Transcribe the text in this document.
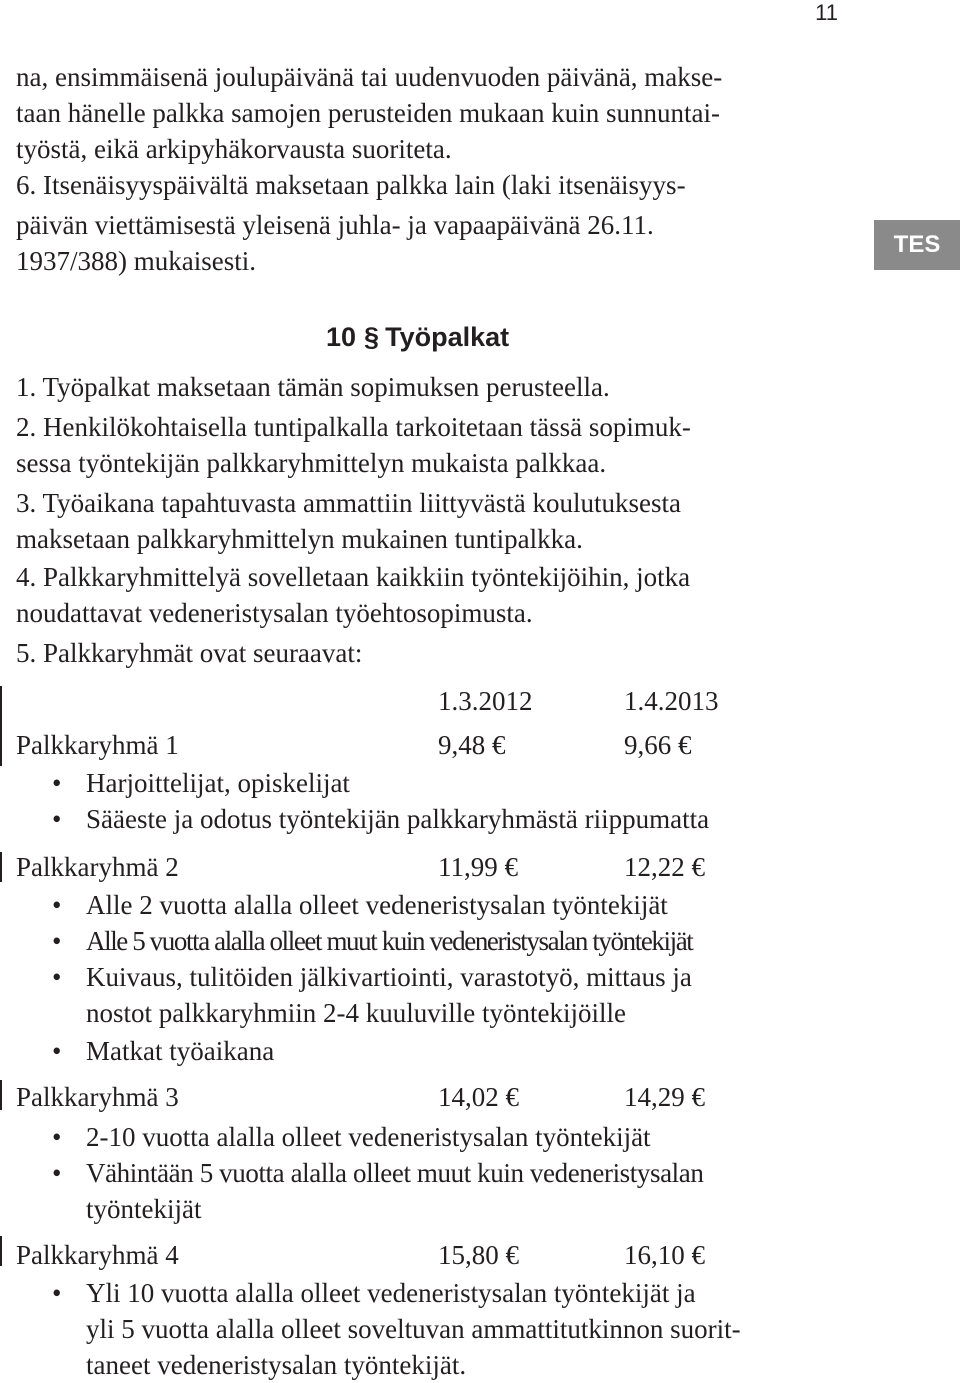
11
TES
na, ensimmäisenä joulupäivänä tai uudenvuoden päivänä, makse-
taan hänelle palkka samojen perusteiden mukaan kuin sunnuntai-
työstä, eikä arkipyhäkorvausta suoriteta.
6. Itsenäisyyspäivältä maksetaan palkka lain (laki itsenäisyys-
päivän viettämisestä yleisenä juhla- ja vapaapäivänä 26.11.
1937/388) mukaisesti.
10 § Työpalkat
1. Työpalkat maksetaan tämän sopimuksen perusteella.
2. Henkilökohtaisella tuntipalkalla tarkoitetaan tässä sopimuk-
sessa työntekijän palkkaryhmittelyn mukaista palkkaa.
3. Työaikana tapahtuvasta ammattiin liittyvästä koulutuksesta
maksetaan palkkaryhmittelyn mukainen tuntipalkka.
4. Palkkaryhmittelyä sovelletaan kaikkiin työntekijöihin, jotka
noudattavat vedeneristysalan työehtosopimusta.
5. Palkkaryhmät ovat seuraavat:
1.3.2012	1.4.2013
Palkkaryhmä 1	9,48 €	9,66 €
• Harjoittelijat, opiskelijat
• Sääeste ja odotus työntekijän palkkaryhmästä riippumatta
Palkkaryhmä 2	11,99 €	12,22 €
• Alle 2 vuotta alalla olleet vedeneristysalan työntekijät
• Alle 5 vuotta alalla olleet muut kuin vedeneristysalan työntekijät
• Kuivaus, tulitöiden jälkivartiointi, varastotyö, mittaus ja
nostot palkkaryhmiin 2-4 kuuluville työntekijöille
• Matkat työaikana
Palkkaryhmä 3	14,02 €	14,29 €
• 2-10 vuotta alalla olleet vedeneristysalan työntekijät
• Vähintään 5 vuotta alalla olleet muut kuin vedeneristysalan
työntekijät
Palkkaryhmä 4	15,80 €	16,10 €
• Yli 10 vuotta alalla olleet vedeneristysalan työntekijät ja
yli 5 vuotta alalla olleet soveltuvan ammattitutkinnon suorit-
taneet vedeneristysalan työntekijät.
